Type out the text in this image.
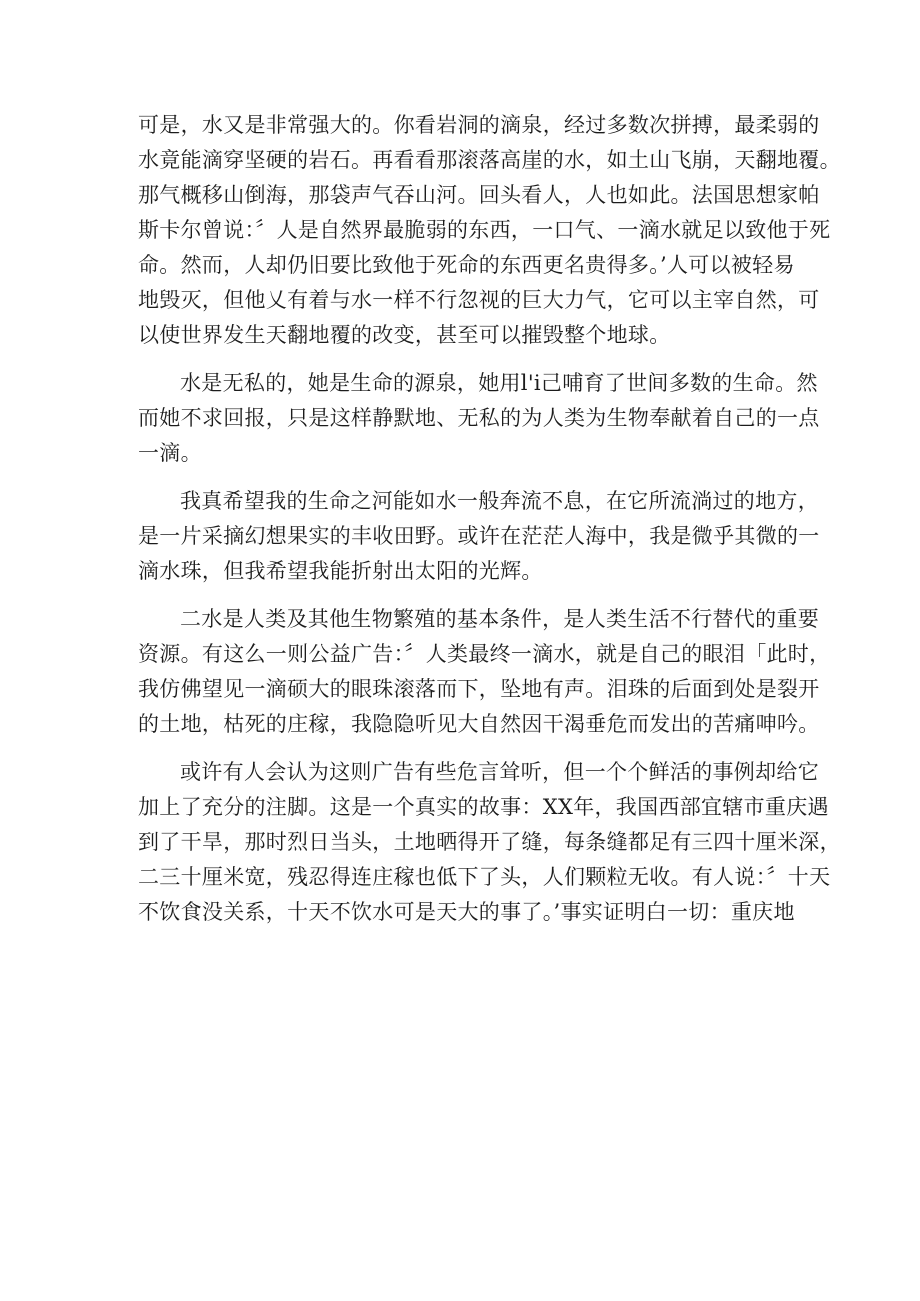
可是，水又是非常强大的。你看岩洞的滴泉，经过多数次拼搏，最柔弱的
水竟能滴穿坚硬的岩石。再看看那滚落高崖的水，如土山飞崩，天翻地覆。
那气概移山倒海，那袋声气吞山河。回头看人，人也如此。法国思想家帕
斯卡尔曾说：〞人是自然界最脆弱的东西，一口气、一滴水就足以致他于死
命。然而，人却仍旧要比致他于死命的东西更名贵得多。’人可以被轻易
地毁灭，但他乂有着与水一样不行忽视的巨大力气，它可以主宰自然，可
以使世界发生天翻地覆的改变，甚至可以摧毁整个地球。
水是无私的，她是生命的源泉，她用l'i己哺育了世间多数的生命。然
而她不求回报，只是这样静默地、无私的为人类为生物奉献着自己的一点
一滴。
我真希望我的生命之河能如水一般奔流不息，在它所流淌过的地方，
是一片采摘幻想果实的丰收田野。或许在茫茫人海中，我是微乎其微的一
滴水珠，但我希望我能折射出太阳的光辉。
二水是人类及其他生物繁殖的基本条件，是人类生活不行替代的重要
资源。有这么一则公益广告：〞人类最终一滴水，就是自己的眼泪「此时，
我仿佛望见一滴硕大的眼珠滚落而下，坠地有声。泪珠的后面到处是裂开
的土地，枯死的庄稼，我隐隐听见大自然因干渴垂危而发出的苦痛呻吟。
或许有人会认为这则广告有些危言耸听，但一个个鲜活的事例却给它
加上了充分的注脚。这是一个真实的故事：XX年，我国西部宜辖市重庆遇
到了干旱，那时烈日当头，土地晒得开了缝，每条缝都足有三四十厘米深，
二三十厘米宽，残忍得连庄稼也低下了头，人们颗粒无收。有人说：〞十天
不饮食没关系，十天不饮水可是天大的事了。’事实证明白一切：重庆地
